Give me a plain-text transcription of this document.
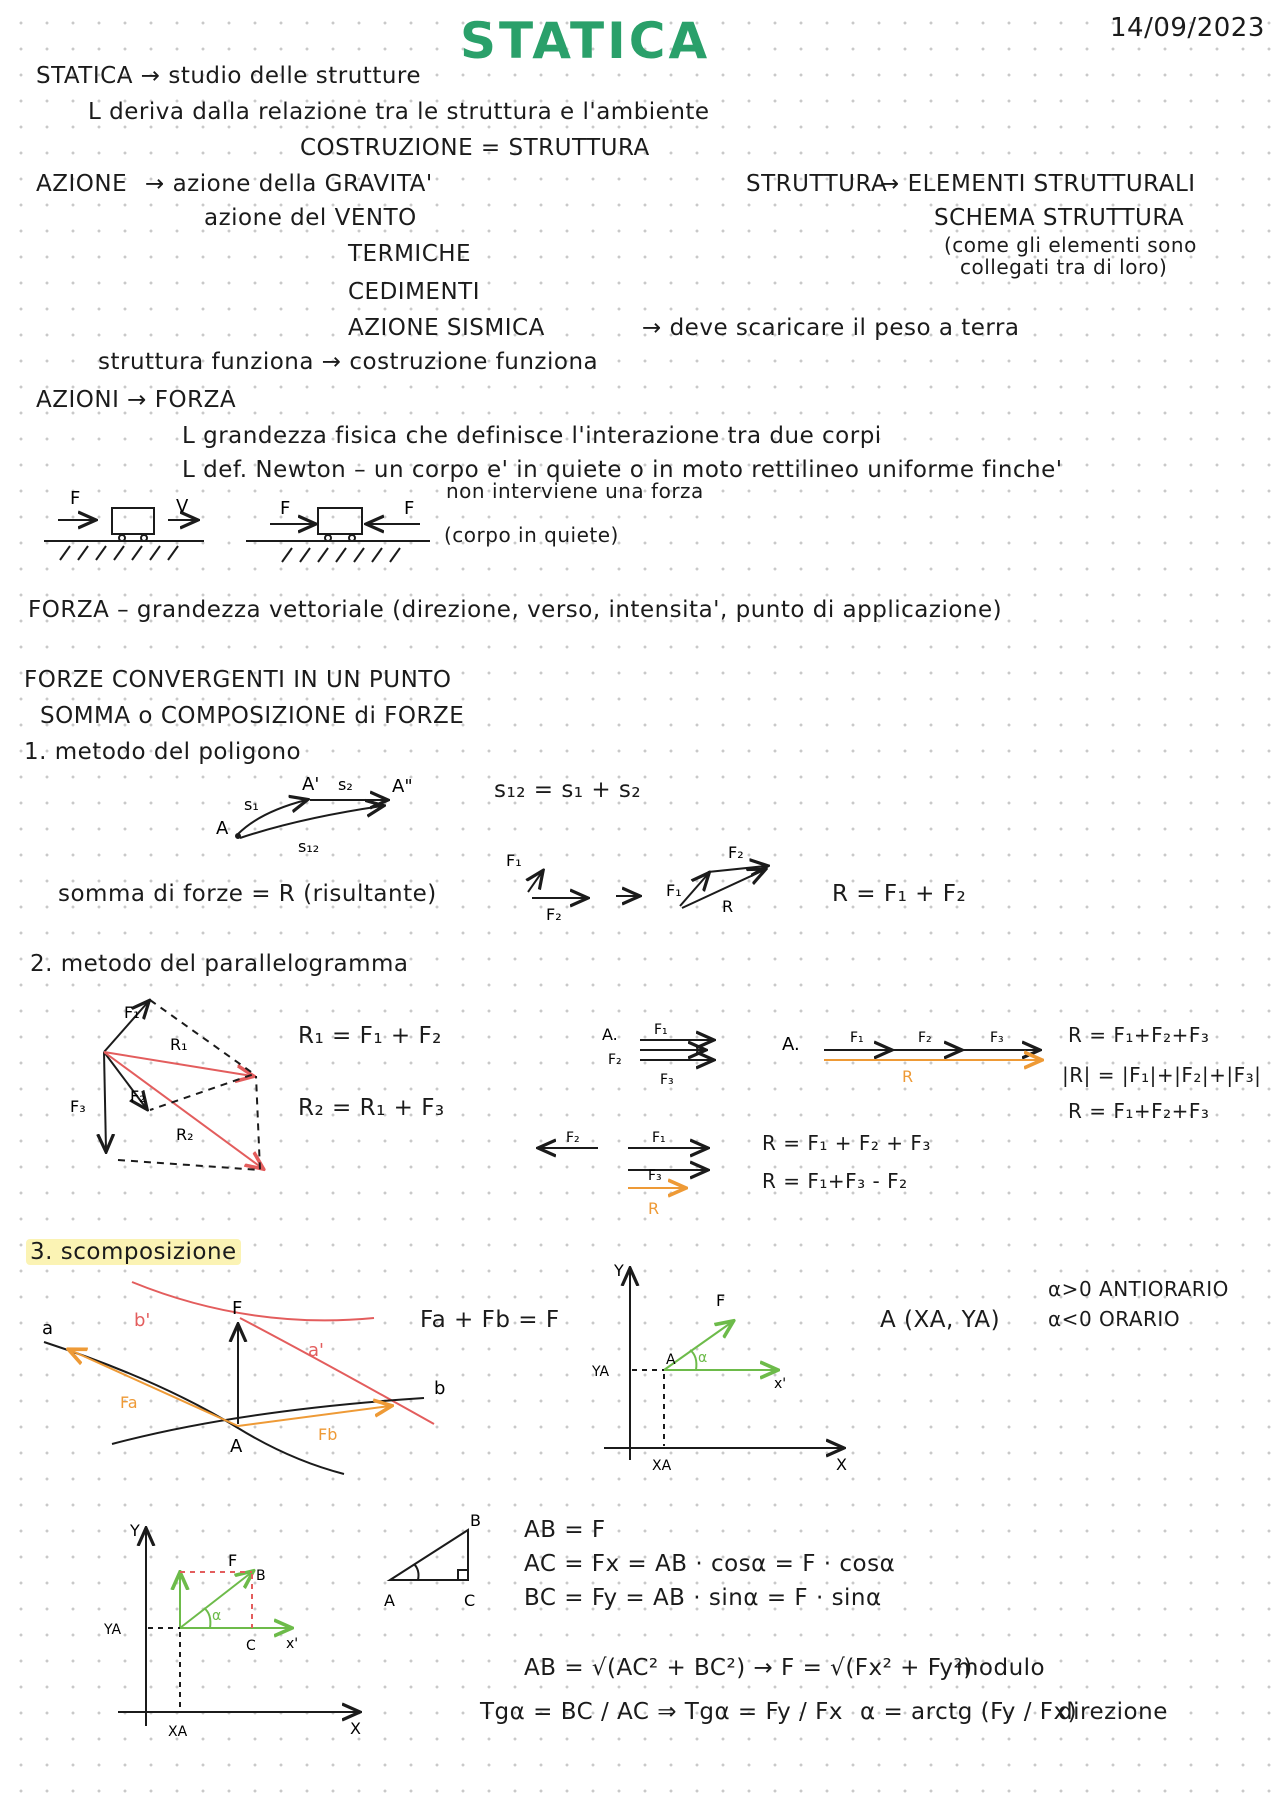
STATICA	14/09/2023
STATICA → studio delle strutture
L deriva dalla relazione tra le struttura e l'ambiente
COSTRUZIONE = STRUTTURA
AZIONE → azione della GRAVITA'
azione del VENTO
TERMICHE
CEDIMENTI
AZIONE SISMICA	→ deve scaricare il peso a terra
struttura funziona → costruzione funziona
STRUTTURA
→ ELEMENTI STRUTTURALI
SCHEMA STRUTTURA
(come gli elementi sono
collegati tra di loro)
AZIONI → FORZA
L grandezza fisica che definisce l'interazione tra due corpi
L def. Newton – un corpo e' in quiete o in moto rettilineo uniforme finche'
non interviene una forza
(corpo in quiete)
FORZA – grandezza vettoriale (direzione, verso, intensita', punto di applicazione)
FORZE CONVERGENTI IN UN PUNTO
SOMMA o COMPOSIZIONE di FORZE
1. metodo del poligono
s₁₂ = s₁ + s₂
somma di forze = R (risultante)	R = F₁ + F₂
2. metodo del parallelogramma
R₁ = F₁ + F₂
R₂ = R₁ + F₃
R = F₁+F₂+F₃
|R| = |F₁|+|F₂|+|F₃|
R = F₁+F₂+F₃
R = F₁ + F₂ + F₃
R = F₁+F₃ - F₂
3. scomposizione
Fa + Fb = F	A (XA, YA)
α>0 ANTIORARIO
α<0 ORARIO
AB = F
AC = Fx = AB · cosα = F · cosα
BC = Fy = AB · sinα = F · sinα
AB = √(AC² + BC²) → F = √(Fx² + Fy²)
modulo
Tgα = BC / AC ⇒ Tgα = Fy / Fx α = arctg (Fy / Fx)
direzione
F	V	F	F
A
A'	A"
s₁
s₂
s₁₂
F₁
F₂
F₁
F₂
R
F₁
F₂
F₃
R₁
R₂
A.	A.
F₁
F₂
F₃
F₁	F₂	F₃
R
F₂	F₁
F₃
R
a
b
b'
a'
F
A
Fa
Fb
Y
X
YA
XA
A
F
x'
α
Y
X
YA
XA
F
B
C x'
α
A
B
C
